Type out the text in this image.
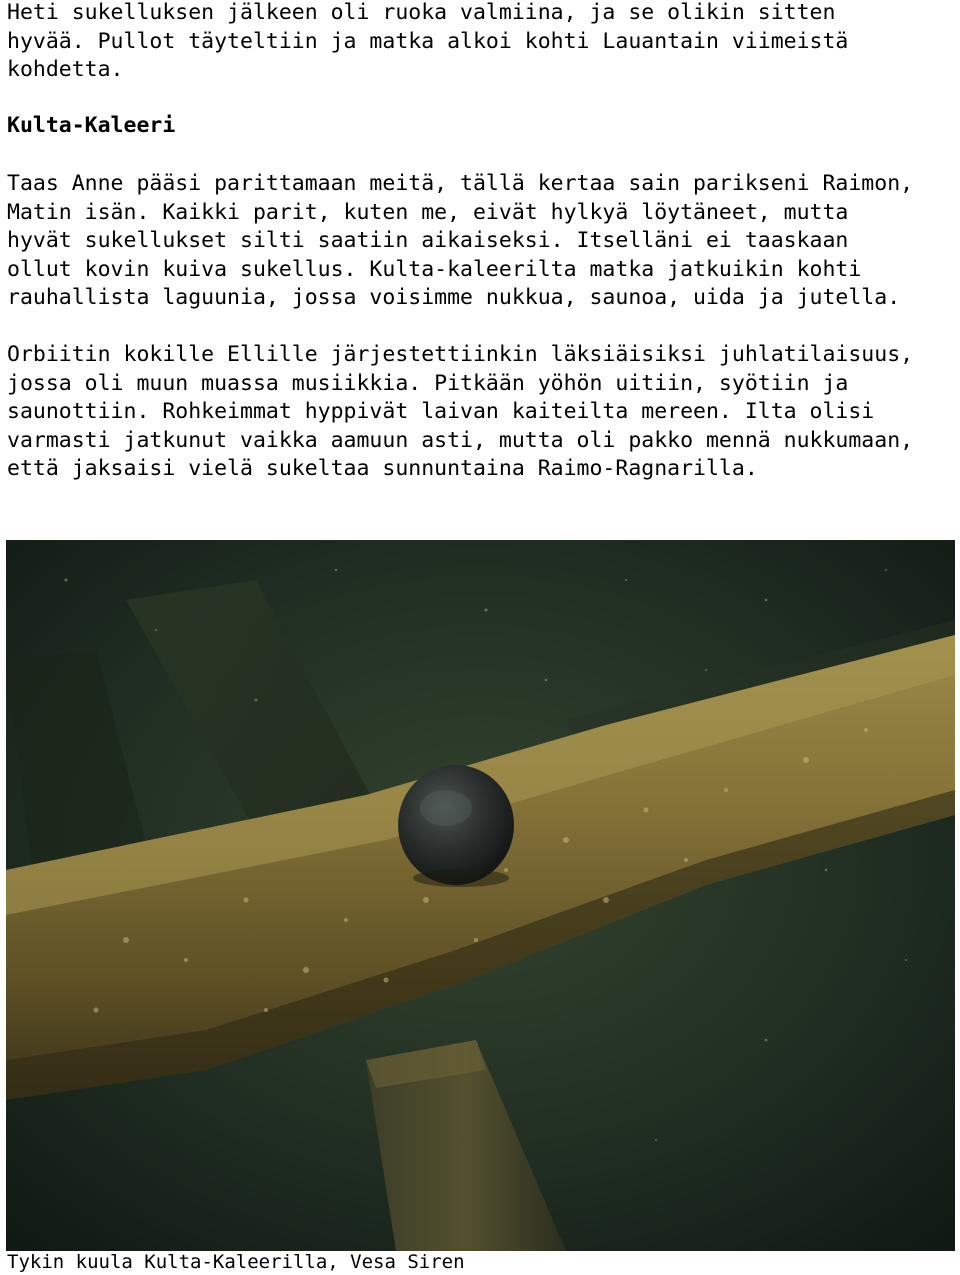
Heti sukelluksen jälkeen oli ruoka valmiina, ja se olikin sitten
hyvää. Pullot täyteltiin ja matka alkoi kohti Lauantain viimeistä
kohdetta.

Kulta-Kaleeri

Taas Anne pääsi parittamaan meitä, tällä kertaa sain parikseni Raimon,
Matin isän. Kaikki parit, kuten me, eivät hylkyä löytäneet, mutta
hyvät sukellukset silti saatiin aikaiseksi. Itselläni ei taaskaan
ollut kovin kuiva sukellus. Kulta-kaleerilta matka jatkuikin kohti
rauhallista laguunia, jossa voisimme nukkua, saunoa, uida ja jutella.

Orbiitin kokille Ellille järjestettiinkin läksiäisiksi juhlatilaisuus,
jossa oli muun muassa musiikkia. Pitkään yöhön uitiin, syötiin ja
saunottiin. Rohkeimmat hyppivät laivan kaiteilta mereen. Ilta olisi
varmasti jatkunut vaikka aamuun asti, mutta oli pakko mennä nukkumaan,
että jaksaisi vielä sukeltaa sunnuntaina Raimo-Ragnarilla.

Tykin kuula Kulta-Kaleerilla, Vesa Siren
